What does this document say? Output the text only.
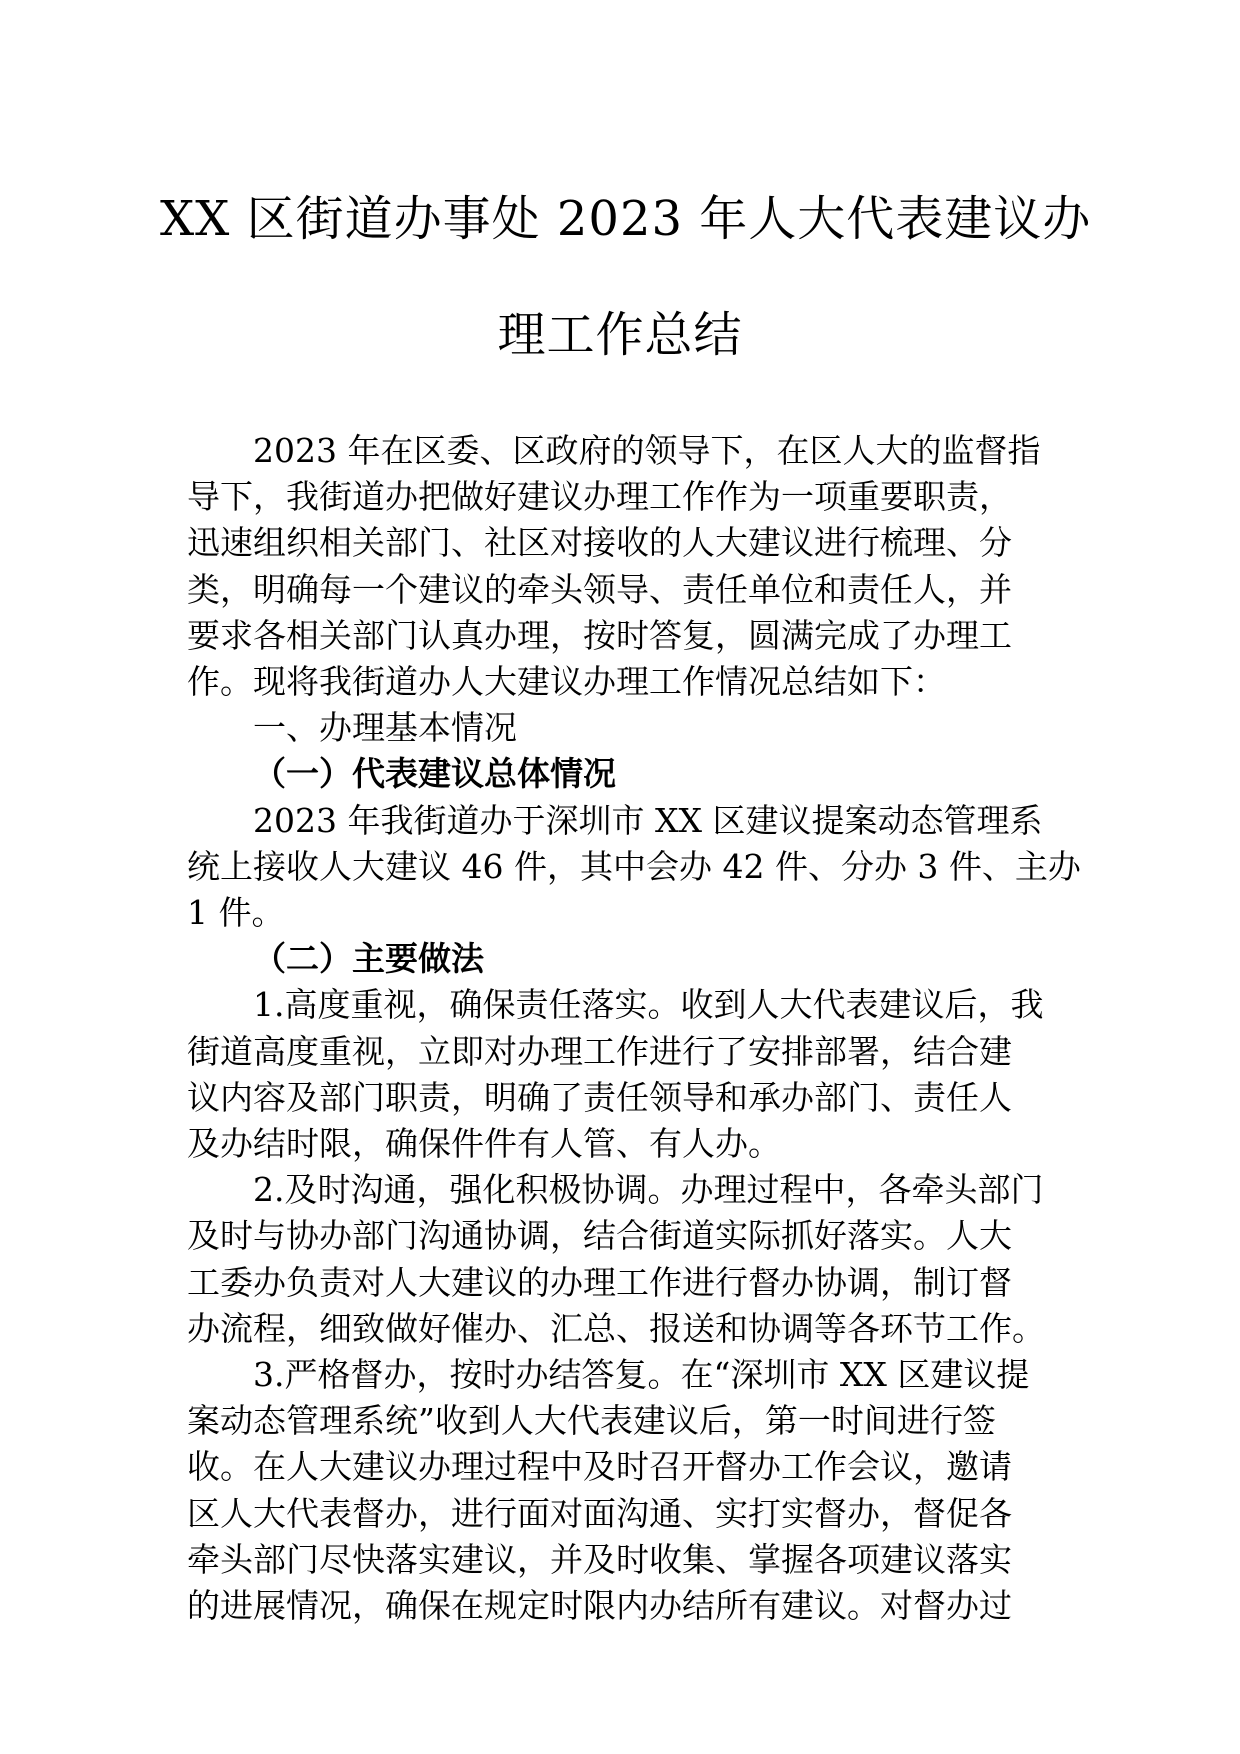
XX 区街道办事处 2023 年人大代表建议办
理工作总结

2023 年在区委、区政府的领导下，在区人大的监督指
导下，我街道办把做好建议办理工作作为一项重要职责，
迅速组织相关部门、社区对接收的人大建议进行梳理、分
类，明确每一个建议的牵头领导、责任单位和责任人，并
要求各相关部门认真办理，按时答复，圆满完成了办理工
作。现将我街道办人大建议办理工作情况总结如下：

一、办理基本情况

（一）代表建议总体情况

2023 年我街道办于深圳市 XX 区建议提案动态管理系
统上接收人大建议 46 件，其中会办 42 件、分办 3 件、主办
1 件。

（二）主要做法

1.高度重视，确保责任落实。收到人大代表建议后，我
街道高度重视，立即对办理工作进行了安排部署，结合建
议内容及部门职责，明确了责任领导和承办部门、责任人
及办结时限，确保件件有人管、有人办。

2.及时沟通，强化积极协调。办理过程中，各牵头部门
及时与协办部门沟通协调，结合街道实际抓好落实。人大
工委办负责对人大建议的办理工作进行督办协调，制订督
办流程，细致做好催办、汇总、报送和协调等各环节工作。

3.严格督办，按时办结答复。在“深圳市 XX 区建议提
案动态管理系统”收到人大代表建议后，第一时间进行签
收。在人大建议办理过程中及时召开督办工作会议，邀请
区人大代表督办，进行面对面沟通、实打实督办，督促各
牵头部门尽快落实建议，并及时收集、掌握各项建议落实
的进展情况，确保在规定时限内办结所有建议。对督办过
